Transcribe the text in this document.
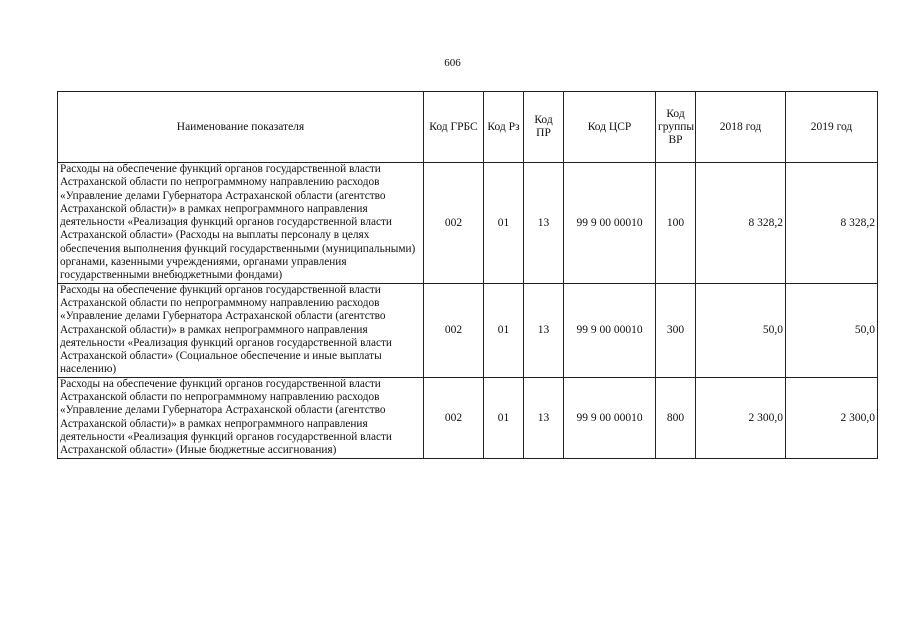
606
Наименование показателя	Код ГРБС	Код Рз	Код ПР	Код ЦСР	Код группы ВР	2018 год	2019 год
Расходы на обеспечение функций органов государственной власти Астраханской области по непрограммному направлению расходов «Управление делами Губернатора Астраханской области (агентство Астраханской области)» в рамках непрограммного направления деятельности «Реализация функций органов государственной власти Астраханской области» (Расходы на выплаты персоналу в целях обеспечения выполнения функций государственными (муниципальными) органами, казенными учреждениями, органами управления государственными внебюджетными фондами)	002	01	13	99 9 00 00010	100	8 328,2	8 328,2
Расходы на обеспечение функций органов государственной власти Астраханской области по непрограммному направлению расходов «Управление делами Губернатора Астраханской области (агентство Астраханской области)» в рамках непрограммного направления деятельности «Реализация функций органов государственной власти Астраханской области» (Социальное обеспечение и иные выплаты населению)	002	01	13	99 9 00 00010	300	50,0	50,0
Расходы на обеспечение функций органов государственной власти Астраханской области по непрограммному направлению расходов «Управление делами Губернатора Астраханской области (агентство Астраханской области)» в рамках непрограммного направления деятельности «Реализация функций органов государственной власти Астраханской области» (Иные бюджетные ассигнования)	002	01	13	99 9 00 00010	800	2 300,0	2 300,0
